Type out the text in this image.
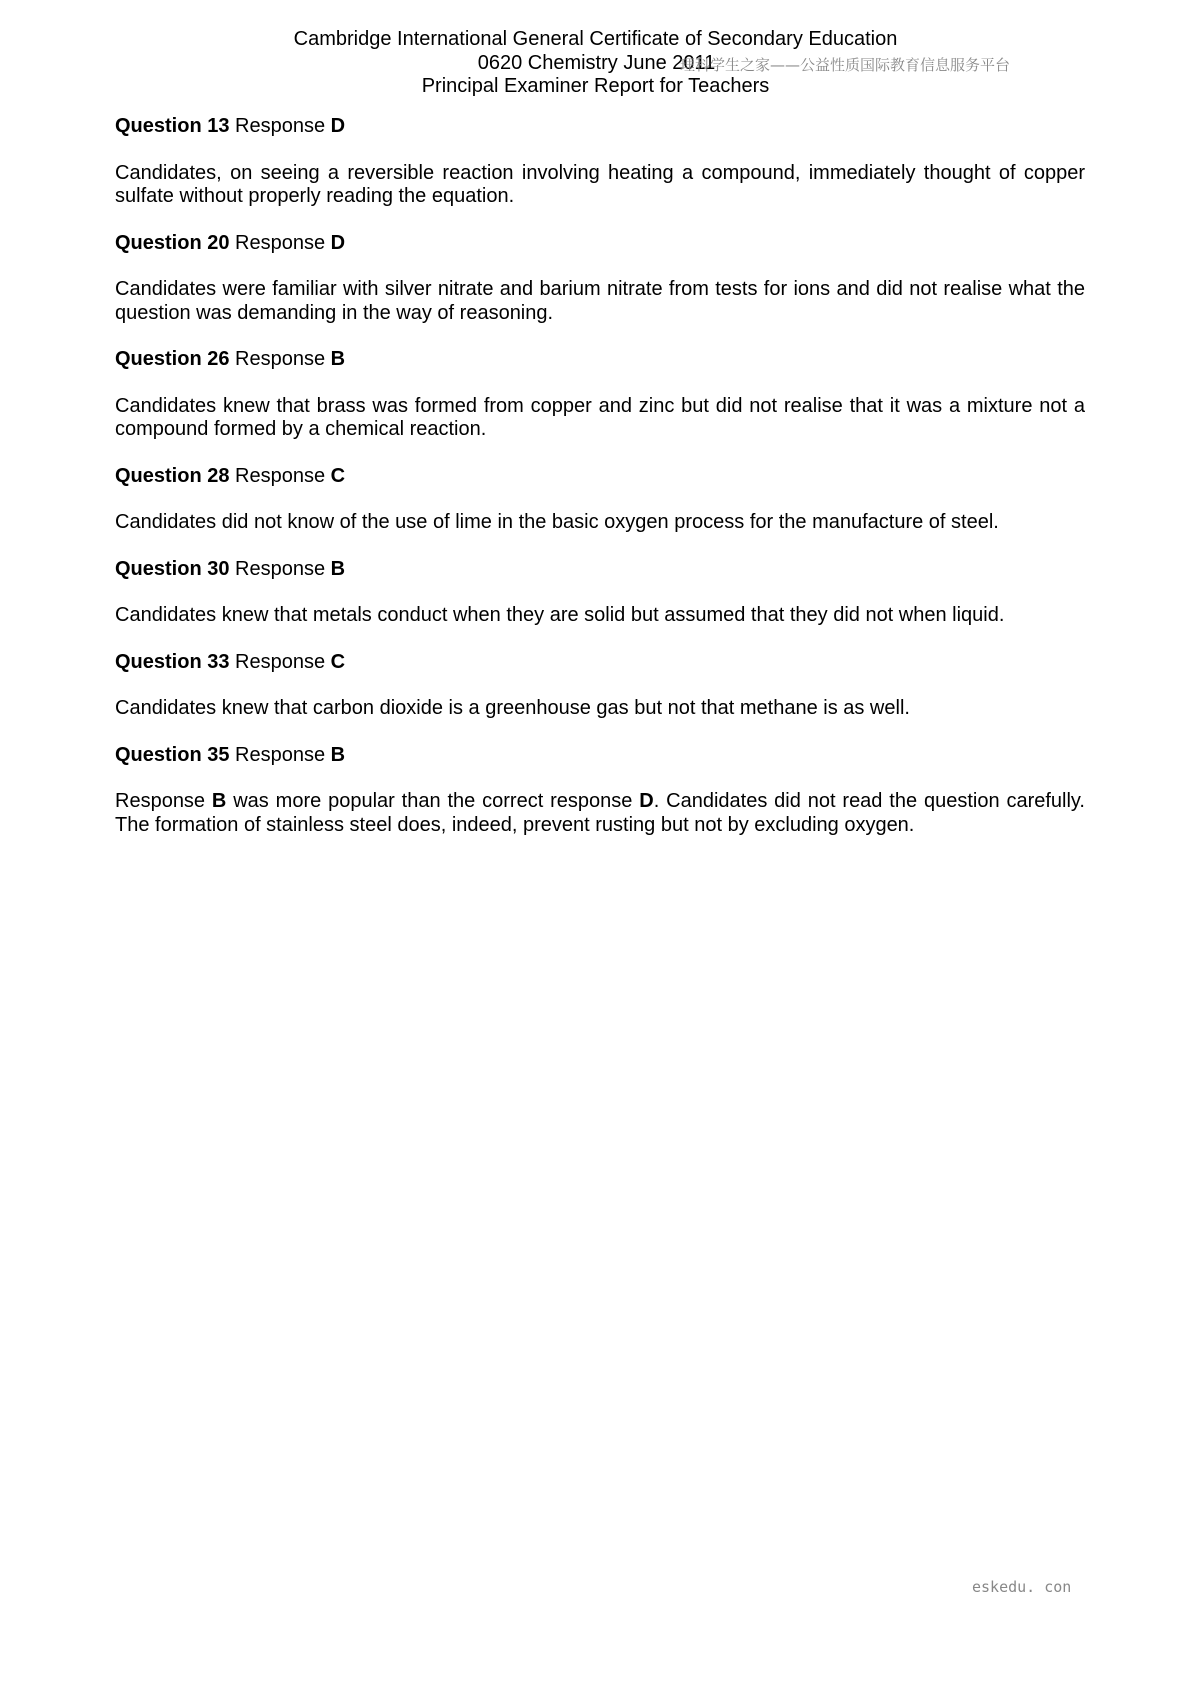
Cambridge International General Certificate of Secondary Education
0620 Chemistry June 2011
Principal Examiner Report for Teachers
理科学生之家——公益性质国际教育信息服务平台

Question 13 Response D

Candidates, on seeing a reversible reaction involving heating a compound, immediately thought of copper sulfate without properly reading the equation.

Question 20 Response D

Candidates were familiar with silver nitrate and barium nitrate from tests for ions and did not realise what the question was demanding in the way of reasoning.

Question 26 Response B

Candidates knew that brass was formed from copper and zinc but did not realise that it was a mixture not a compound formed by a chemical reaction.

Question 28 Response C

Candidates did not know of the use of lime in the basic oxygen process for the manufacture of steel.

Question 30 Response B

Candidates knew that metals conduct when they are solid but assumed that they did not when liquid.

Question 33 Response C

Candidates knew that carbon dioxide is a greenhouse gas but not that methane is as well.

Question 35 Response B

Response B was more popular than the correct response D. Candidates did not read the question carefully. The formation of stainless steel does, indeed, prevent rusting but not by excluding oxygen.

eskedu. con
